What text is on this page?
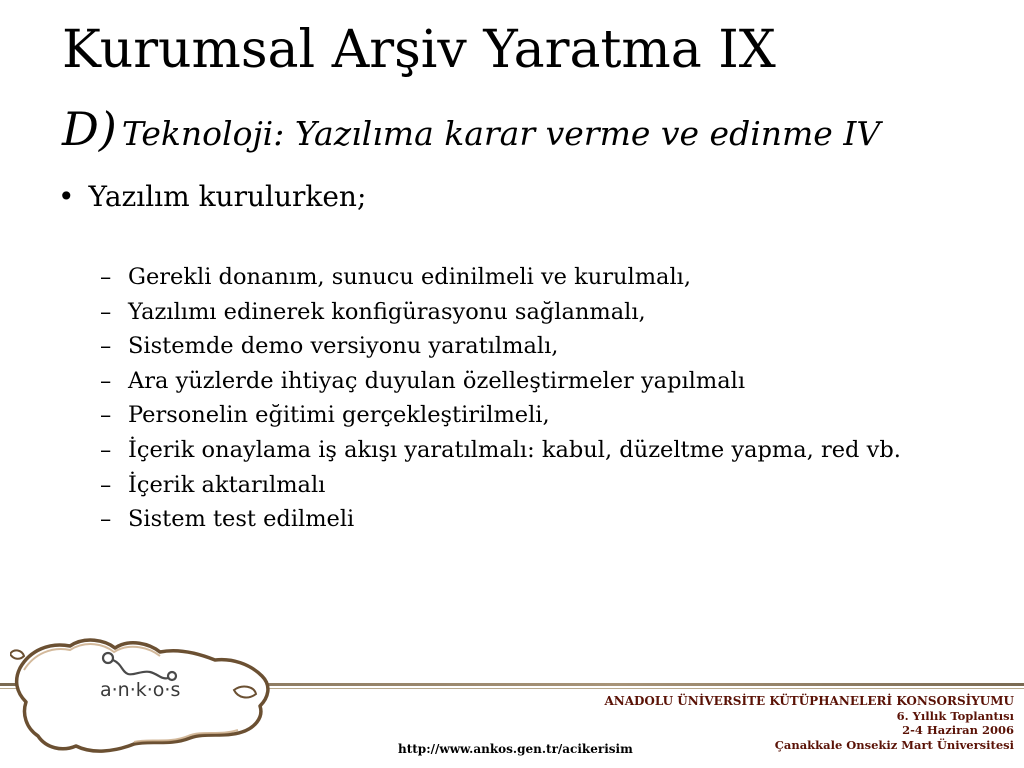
Kurumsal Arşiv Yaratma IX
D) Teknoloji: Yazılıma karar verme ve edinme IV
• Yazılım kurulurken;
– Gerekli donanım, sunucu edinilmeli ve kurulmalı,
– Yazılımı edinerek konfigürasyonu sağlanmalı,
– Sistemde demo versiyonu yaratılmalı,
– Ara yüzlerde ihtiyaç duyulan özelleştirmeler yapılmalı
– Personelin eğitimi gerçekleştirilmeli,
– İçerik onaylama iş akışı yaratılmalı: kabul, düzeltme yapma, red vb.
– İçerik aktarılmalı
– Sistem test edilmeli
a·n·k·o·s	ANADOLU ÜNİVERSİTE KÜTÜPHANELERİ KONSORSİYUMU
6. Yıllık Toplantısı
2-4 Haziran 2006
Çanakkale Onsekiz Mart Üniversitesi
http://www.ankos.gen.tr/acikerisim
